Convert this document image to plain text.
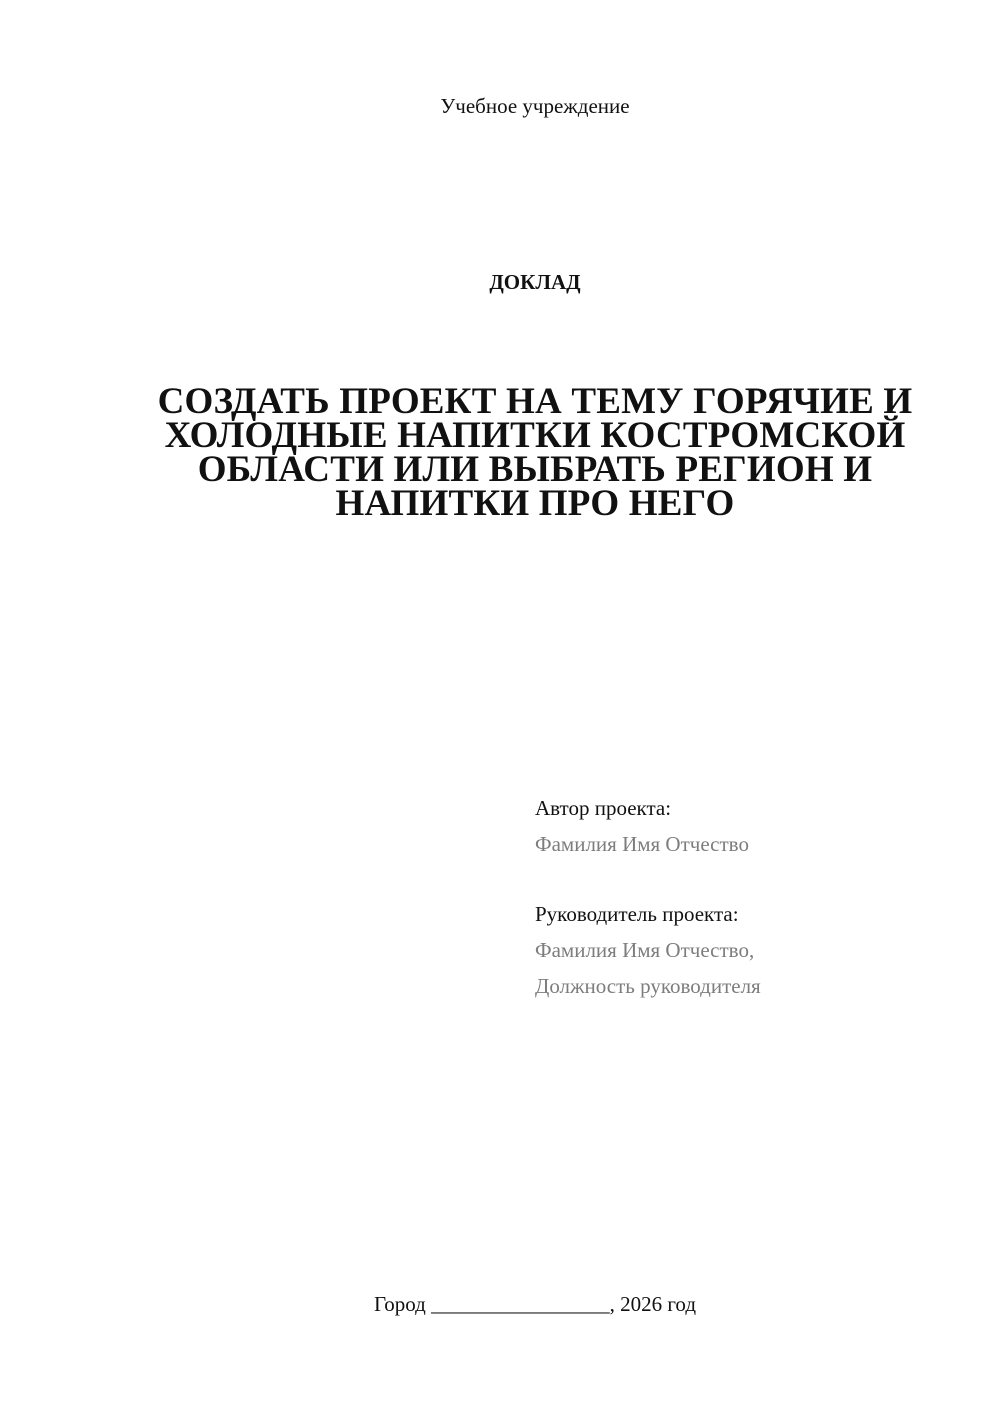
Учебное учреждение
ДОКЛАД
СОЗДАТЬ ПРОЕКТ НА ТЕМУ ГОРЯЧИЕ И ХОЛОДНЫЕ НАПИТКИ КОСТРОМСКОЙ ОБЛАСТИ ИЛИ ВЫБРАТЬ РЕГИОН И НАПИТКИ ПРО НЕГО
Автор проекта:
Фамилия Имя Отчество
Руководитель проекта:
Фамилия Имя Отчество,
Должность руководителя
Город _________________, 2026 год
